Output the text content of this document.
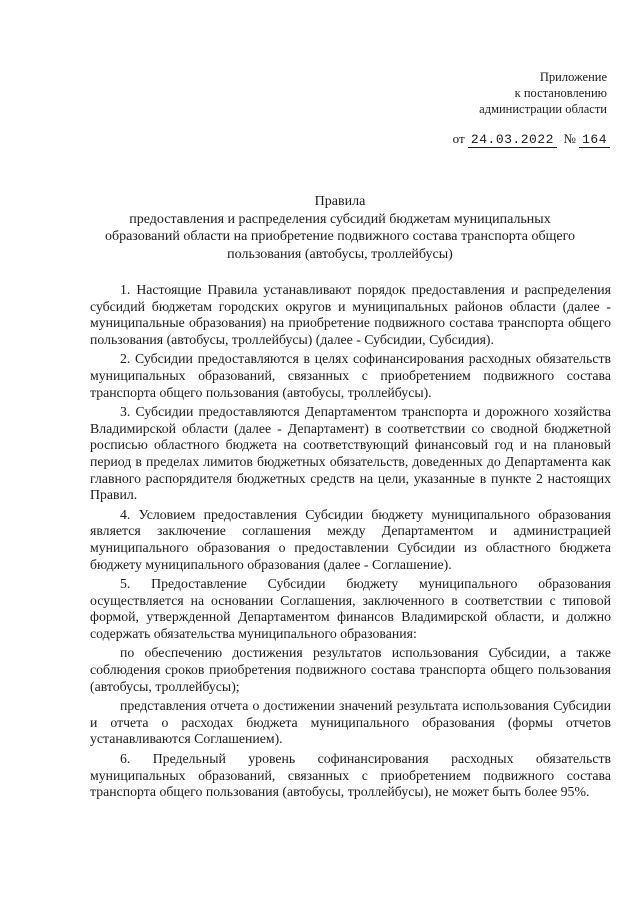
Приложение
к постановлению
администрации области
от 24.03.2022 № 164
Правила
предоставления и распределения субсидий бюджетам муниципальных
образований области на приобретение подвижного состава транспорта общего
пользования (автобусы, троллейбусы)

1. Настоящие Правила устанавливают порядок предоставления и распределения субсидий бюджетам городских округов и муниципальных районов области (далее - муниципальные образования) на приобретение подвижного состава транспорта общего пользования (автобусы, троллейбусы) (далее - Субсидии, Субсидия).

2. Субсидии предоставляются в целях софинансирования расходных обязательств муниципальных образований, связанных с приобретением подвижного состава транспорта общего пользования (автобусы, троллейбусы).

3. Субсидии предоставляются Департаментом транспорта и дорожного хозяйства Владимирской области (далее - Департамент) в соответствии со сводной бюджетной росписью областного бюджета на соответствующий финансовый год и на плановый период в пределах лимитов бюджетных обязательств, доведенных до Департамента как главного распорядителя бюджетных средств на цели, указанные в пункте 2 настоящих Правил.

4. Условием предоставления Субсидии бюджету муниципального образования является заключение соглашения между Департаментом и администрацией муниципального образования о предоставлении Субсидии из областного бюджета бюджету муниципального образования (далее - Соглашение).

5. Предоставление Субсидии бюджету муниципального образования осуществляется на основании Соглашения, заключенного в соответствии с типовой формой, утвержденной Департаментом финансов Владимирской области, и должно содержать обязательства муниципального образования:

по обеспечению достижения результатов использования Субсидии, а также соблюдения сроков приобретения подвижного состава транспорта общего пользования (автобусы, троллейбусы);

представления отчета о достижении значений результата использования Субсидии и отчета о расходах бюджета муниципального образования (формы отчетов устанавливаются Соглашением).

6. Предельный уровень софинансирования расходных обязательств муниципальных образований, связанных с приобретением подвижного состава транспорта общего пользования (автобусы, троллейбусы), не может быть более 95%.
